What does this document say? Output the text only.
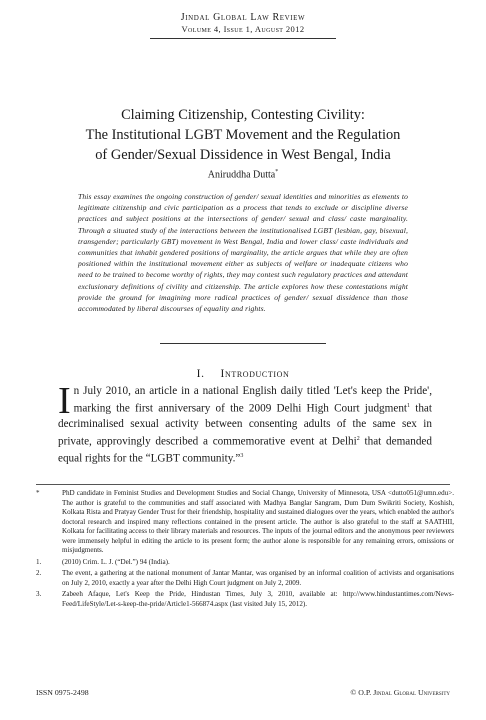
Jindal Global Law Review
Volume 4, Issue 1, August 2012
Claiming Citizenship, Contesting Civility:
The Institutional LGBT Movement and the Regulation
of Gender/Sexual Dissidence in West Bengal, India
Aniruddha Dutta*
This essay examines the ongoing construction of gender/ sexual identities and minorities as elements to legitimate citizenship and civic participation as a process that tends to exclude or discipline diverse practices and subject positions at the intersections of gender/ sexual and class/ caste marginality. Through a situated study of the interactions between the institutionalised LGBT (lesbian, gay, bisexual, transgender; particularly GBT) movement in West Bengal, India and lower class/ caste individuals and communities that inhabit gendered positions of marginality, the article argues that while they are often positioned within the institutional movement either as subjects of welfare or inadequate citizens who need to be trained to become worthy of rights, they may contest such regulatory practices and attendant exclusionary definitions of civility and citizenship. The article explores how these contestations might provide the ground for imagining more radical practices of gender/ sexual dissidence than those accommodated by liberal discourses of equality and rights.
I. Introduction
In July 2010, an article in a national English daily titled 'Let's keep the Pride', marking the first anniversary of the 2009 Delhi High Court judgment$^1$ that decriminalised sexual activity between consenting adults of the same sex in private, approvingly described a commemorative event at Delhi$^2$ that demanded equal rights for the “LGBT community.”$^3$
*	PhD candidate in Feminist Studies and Development Studies and Social Change, University of Minnesota, USA <dutto051@umn.edu>. The author is grateful to the communities and staff associated with Madhya Banglar Sangram, Dum Dum Swikriti Society, Koshish, Kolkata Rista and Pratyay Gender Trust for their friendship, hospitality and sustained dialogues over the years, which enabled the author's doctoral research and inspired many reflections contained in the present article. The author is also grateful to the staff at SAATHII, Kolkata for facilitating access to their library materials and resources. The inputs of the journal editors and the anonymous peer reviewers were immensely helpful in editing the article to its present form; the author alone is responsible for any remaining errors, omissions or misjudgments.
1.	(2010) Crim. L. J. (“Del.”) 94 (India).
2.	The event, a gathering at the national monument of Jantar Mantar, was organised by an informal coalition of activists and organisations on July 2, 2010, exactly a year after the Delhi High Court judgment on July 2, 2009.
3.	Zabeeh Afaque, Let's Keep the Pride, Hindustan Times, July 3, 2010, available at: http://www.hindustantimes.com/News-Feed/LifeStyle/Let-s-keep-the-pride/Article1-566874.aspx (last visited July 15, 2012).
ISSN 0975-2498	© O.P. Jindal Global University
